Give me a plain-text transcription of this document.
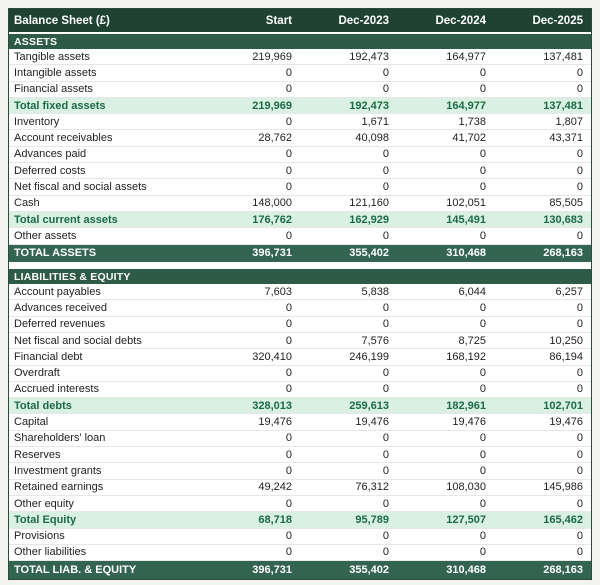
Balance Sheet (£)	Start	Dec-2023	Dec-2024	Dec-2025
ASSETS
Tangible assets	219,969	192,473	164,977	137,481
Intangible assets	0	0	0	0
Financial assets	0	0	0	0
Total fixed assets	219,969	192,473	164,977	137,481
Inventory	0	1,671	1,738	1,807
Account receivables	28,762	40,098	41,702	43,371
Advances paid	0	0	0	0
Deferred costs	0	0	0	0
Net fiscal and social assets	0	0	0	0
Cash	148,000	121,160	102,051	85,505
Total current assets	176,762	162,929	145,491	130,683
Other assets	0	0	0	0
TOTAL ASSETS	396,731	355,402	310,468	268,163
LIABILITIES & EQUITY
Account payables	7,603	5,838	6,044	6,257
Advances received	0	0	0	0
Deferred revenues	0	0	0	0
Net fiscal and social debts	0	7,576	8,725	10,250
Financial debt	320,410	246,199	168,192	86,194
Overdraft	0	0	0	0
Accrued interests	0	0	0	0
Total debts	328,013	259,613	182,961	102,701
Capital	19,476	19,476	19,476	19,476
Shareholders' loan	0	0	0	0
Reserves	0	0	0	0
Investment grants	0	0	0	0
Retained earnings	49,242	76,312	108,030	145,986
Other equity	0	0	0	0
Total Equity	68,718	95,789	127,507	165,462
Provisions	0	0	0	0
Other liabilities	0	0	0	0
TOTAL LIAB. & EQUITY	396,731	355,402	310,468	268,163
